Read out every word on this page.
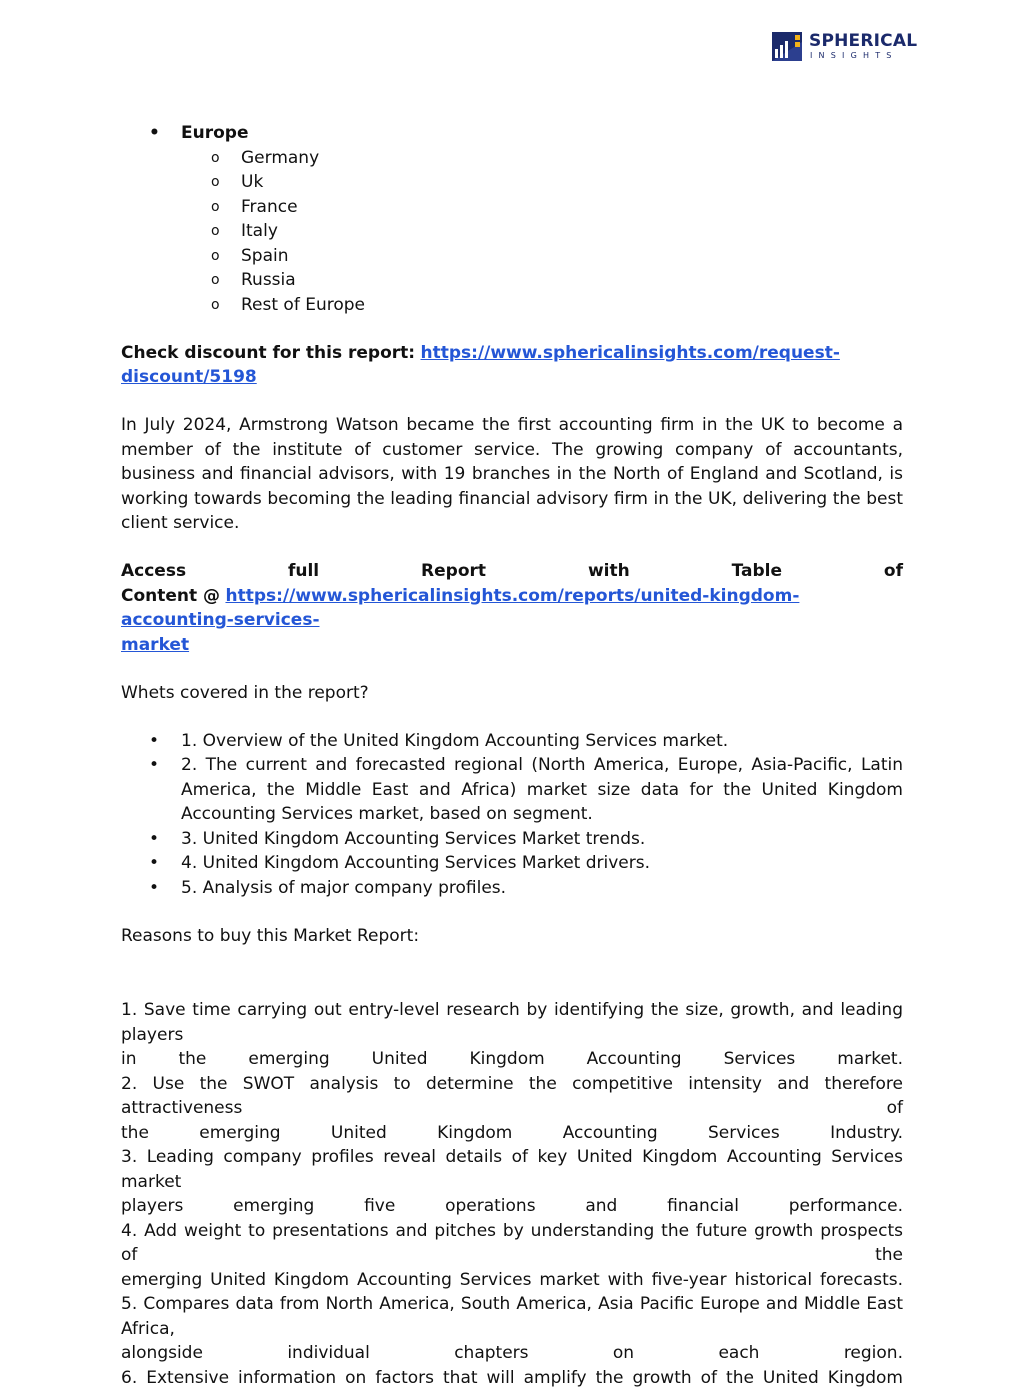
SPHERICAL
INSIGHTS
• Europe
o Germany
o Uk
o France
o Italy
o Spain
o Russia
o Rest of Europe

Check discount for this report: https://www.sphericalinsights.com/request-discount/5198

In July 2024, Armstrong Watson became the first accounting firm in the UK to become a member of the institute of customer service. The growing company of accountants, business and financial advisors, with 19 branches in the North of England and Scotland, is working towards becoming the leading financial advisory firm in the UK, delivering the best client service.

Access	full	Report	with	Table	of

Content @ https://www.sphericalinsights.com/reports/united-kingdom-accounting-services-
market

Whets covered in the report?

• 1. Overview of the United Kingdom Accounting Services market.
• 2. The current and forecasted regional (North America, Europe, Asia-Pacific, Latin America, the Middle East and Africa) market size data for the United Kingdom Accounting Services market, based on segment.
• 3. United Kingdom Accounting Services Market trends.
• 4. United Kingdom Accounting Services Market drivers.
• 5. Analysis of major company profiles.

Reasons to buy this Market Report:

1. Save time carrying out entry-level research by identifying the size, growth, and leading players

in the emerging United Kingdom Accounting Services market.

2. Use the SWOT analysis to determine the competitive intensity and therefore attractiveness of

the emerging United Kingdom Accounting Services Industry.

3. Leading company profiles reveal details of key United Kingdom Accounting Services market

players emerging five operations and financial performance.

4. Add weight to presentations and pitches by understanding the future growth prospects of the

emerging United Kingdom Accounting Services market with five-year historical forecasts.

5. Compares data from North America, South America, Asia Pacific Europe and Middle East Africa,

alongside individual chapters on each region.

6. Extensive information on factors that will amplify the growth of the United Kingdom
